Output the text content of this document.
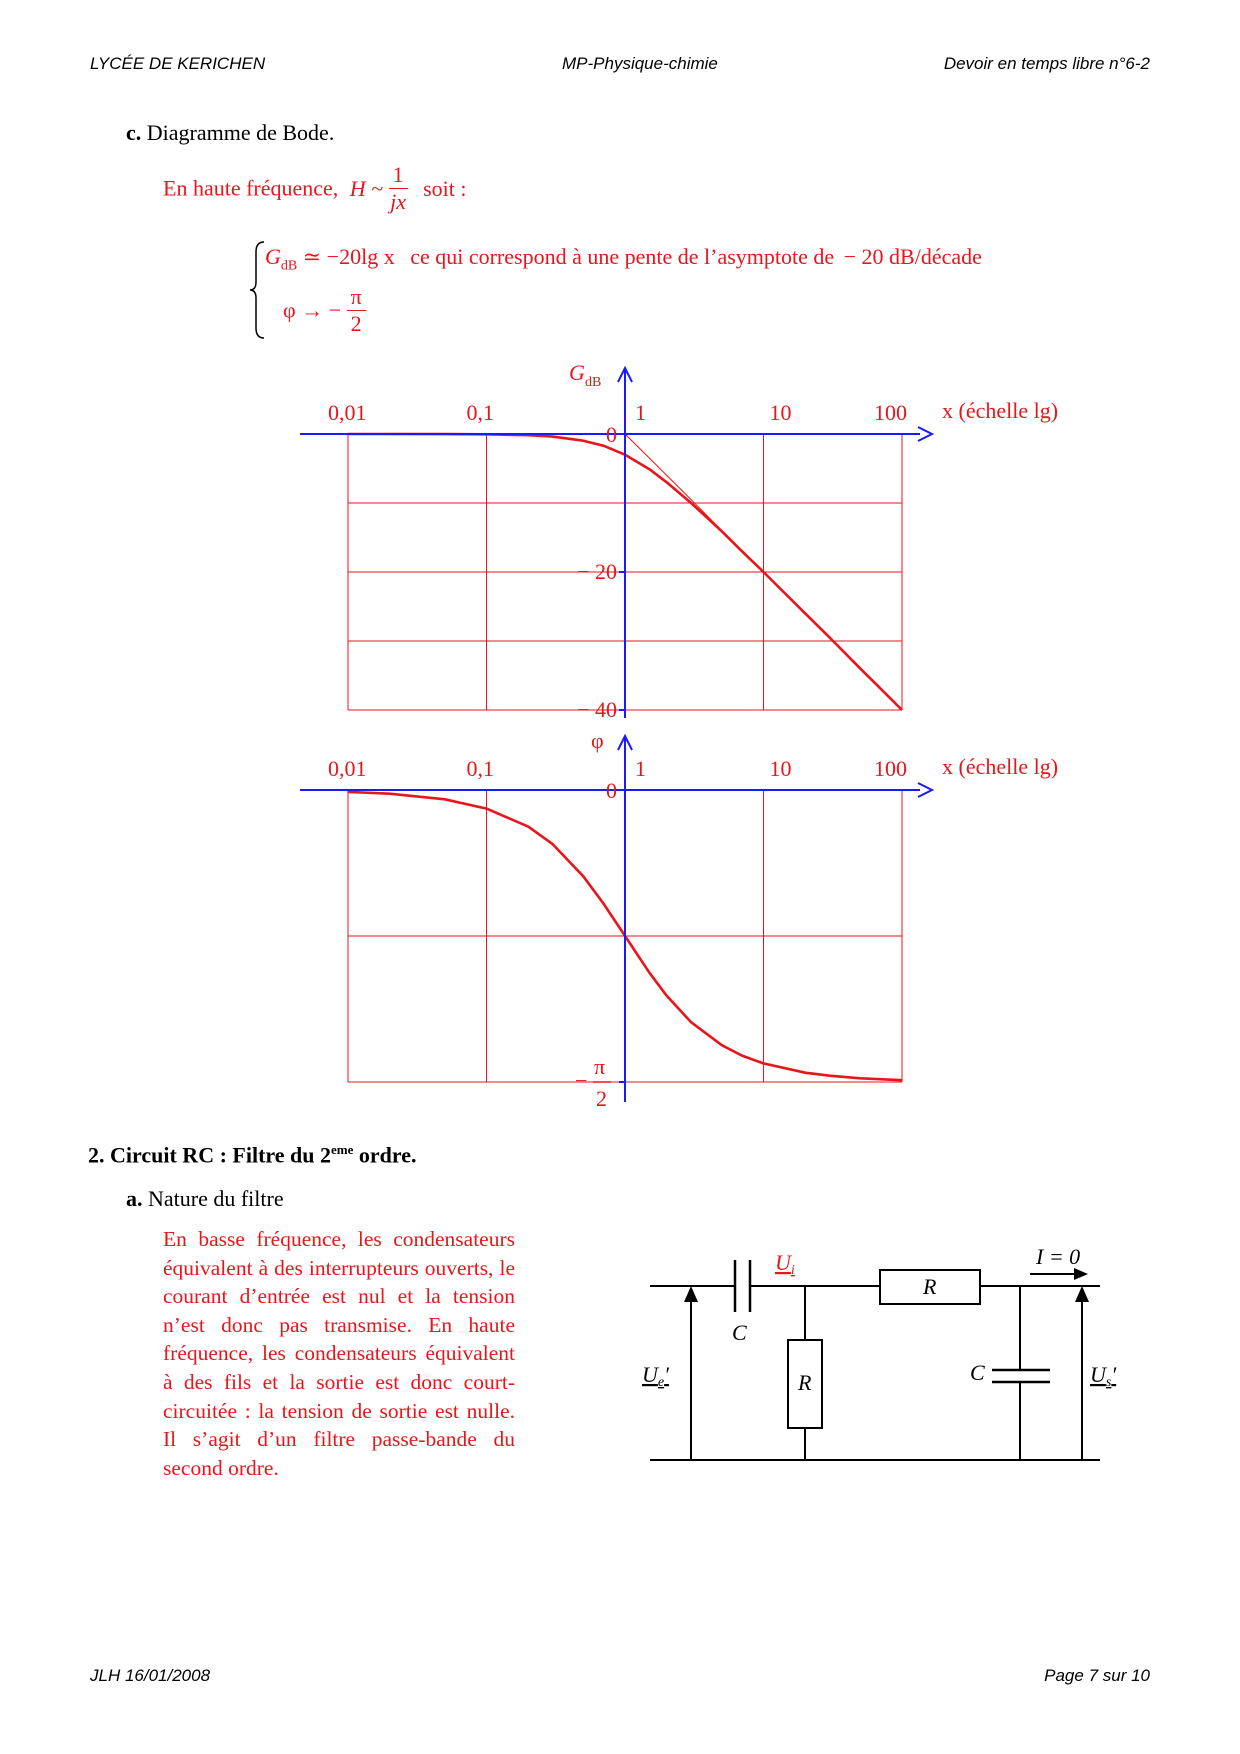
LYCÉE DE KERICHEN	MP-Physique-chimie	Devoir en temps libre n°6-2
c. Diagramme de Bode.
En haute fréquence, H ~ $\frac{1}{jx}$ soit :
$G_{dB}$ ≃ −20lg x ce qui correspond à une pente de l’asymptote de − 20 dB/décade
φ → − $\frac{\pi}{2}$
0,01	0,1	1	10	100 x (échelle lg)
G dB
0
− 20
− 40
0,01	0,1	1	10	100 x (échelle lg)
φ
0
−
π
2
2. Circuit RC : Filtre du 2eme ordre.
a. Nature du filtre
En basse fréquence, les condensateurs équivalent à des interrupteurs ouverts, le courant d’entrée est nul et la tension n’est donc pas transmise. En haute fréquence, les condensateurs équivalent à des fils et la sortie est donc court-circuitée : la tension de sortie est nulle. Il s’agit d’un filtre passe-bande du second ordre.
Ui
I = 0
R
C
R	C
Ue′	Us′
JLH 16/01/2008	Page 7 sur 10
